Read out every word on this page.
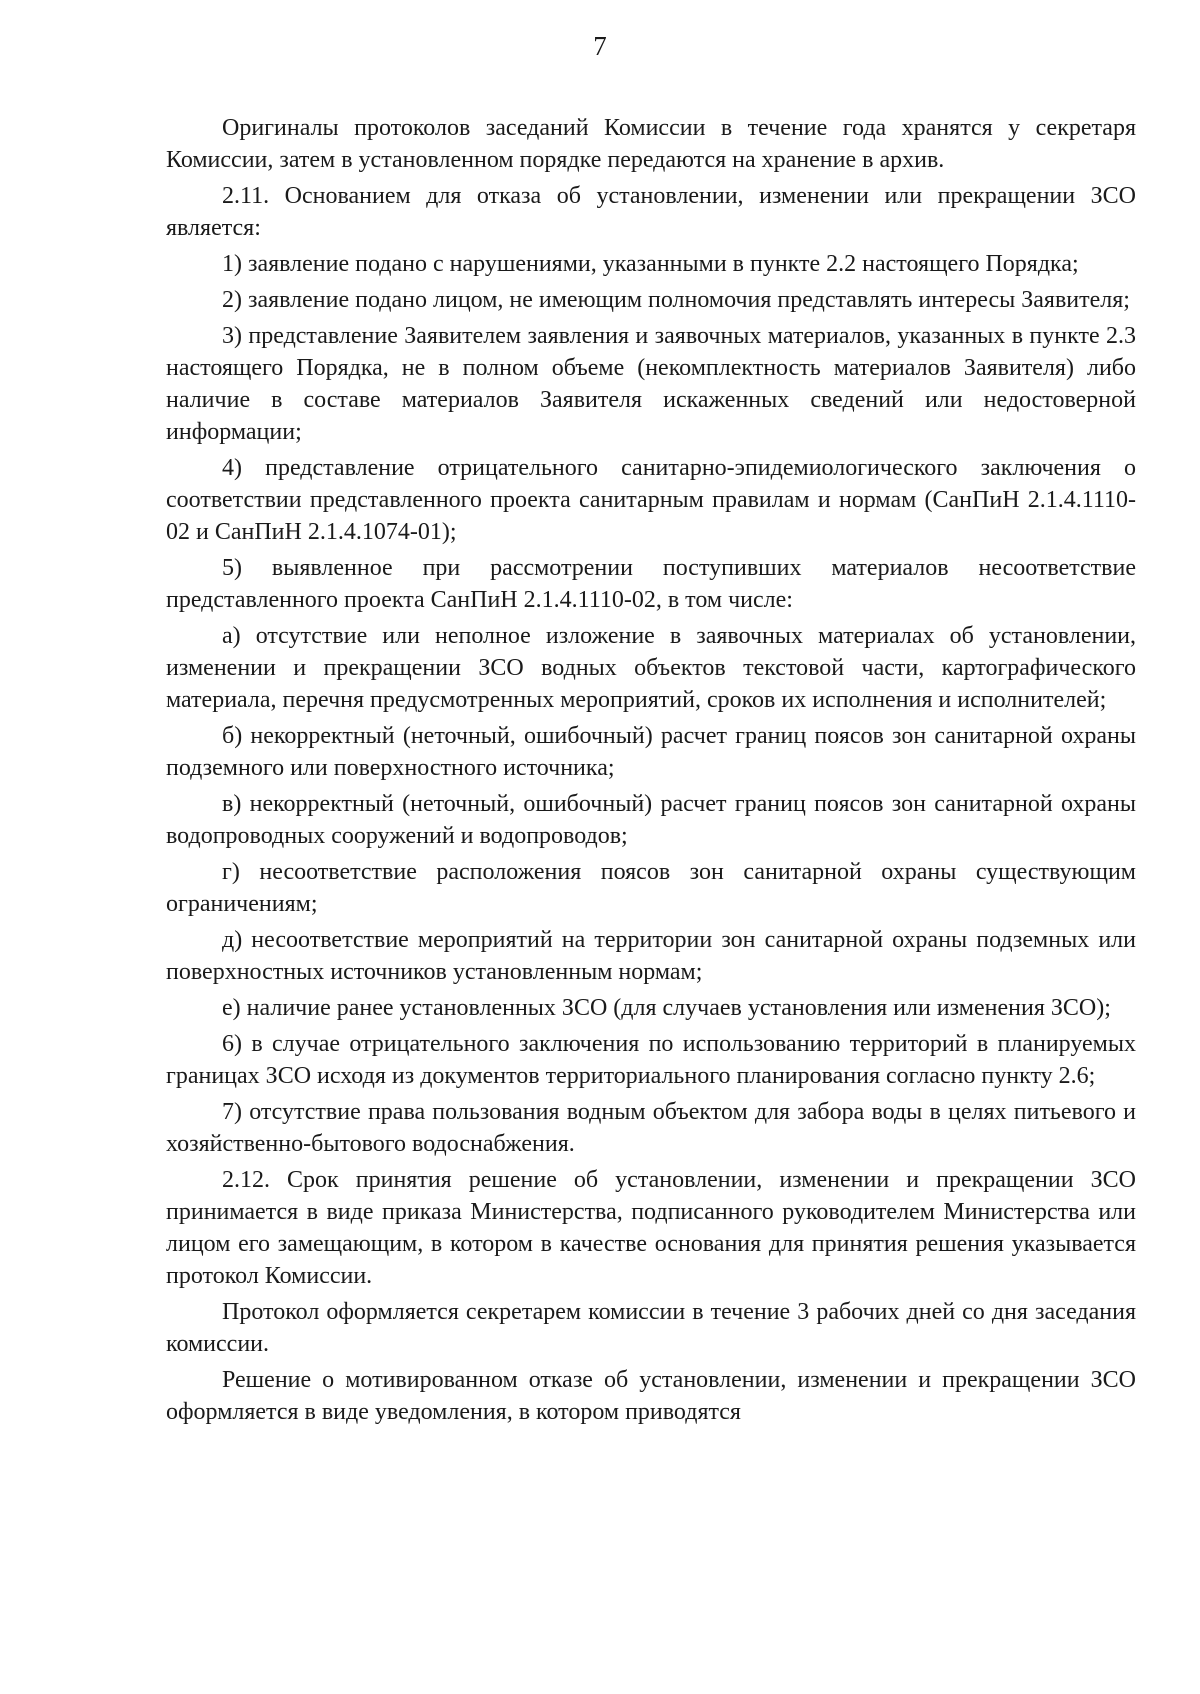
7

Оригиналы протоколов заседаний Комиссии в течение года хранятся у секретаря Комиссии, затем в установленном порядке передаются на хранение в архив.

2.11. Основанием для отказа об установлении, изменении или прекращении ЗСО является:

1) заявление подано с нарушениями, указанными в пункте 2.2 настоящего Порядка;

2) заявление подано лицом, не имеющим полномочия представлять интересы Заявителя;

3) представление Заявителем заявления и заявочных материалов, указанных в пункте 2.3 настоящего Порядка, не в полном объеме (некомплектность материалов Заявителя) либо наличие в составе материалов Заявителя искаженных сведений или недостоверной информации;

4) представление отрицательного санитарно-эпидемиологического заключения о соответствии представленного проекта санитарным правилам и нормам (СанПиН 2.1.4.1110-02 и СанПиН 2.1.4.1074-01);

5) выявленное при рассмотрении поступивших материалов несоответствие представленного проекта СанПиН 2.1.4.1110-02, в том числе:

а) отсутствие или неполное изложение в заявочных материалах об установлении, изменении и прекращении ЗСО водных объектов текстовой части, картографического материала, перечня предусмотренных мероприятий, сроков их исполнения и исполнителей;

б) некорректный (неточный, ошибочный) расчет границ поясов зон санитарной охраны подземного или поверхностного источника;

в) некорректный (неточный, ошибочный) расчет границ поясов зон санитарной охраны водопроводных сооружений и водопроводов;

г) несоответствие расположения поясов зон санитарной охраны существующим ограничениям;

д) несоответствие мероприятий на территории зон санитарной охраны подземных или поверхностных источников установленным нормам;

е) наличие ранее установленных ЗСО (для случаев установления или изменения ЗСО);

6) в случае отрицательного заключения по использованию территорий в планируемых границах ЗСО исходя из документов территориального планирования согласно пункту 2.6;

7) отсутствие права пользования водным объектом для забора воды в целях питьевого и хозяйственно-бытового водоснабжения.

2.12. Срок принятия решение об установлении, изменении и прекращении ЗСО принимается в виде приказа Министерства, подписанного руководителем Министерства или лицом его замещающим, в котором в качестве основания для принятия решения указывается протокол Комиссии.

Протокол оформляется секретарем комиссии в течение 3 рабочих дней со дня заседания комиссии.

Решение о мотивированном отказе об установлении, изменении и прекращении ЗСО оформляется в виде уведомления, в котором приводятся
